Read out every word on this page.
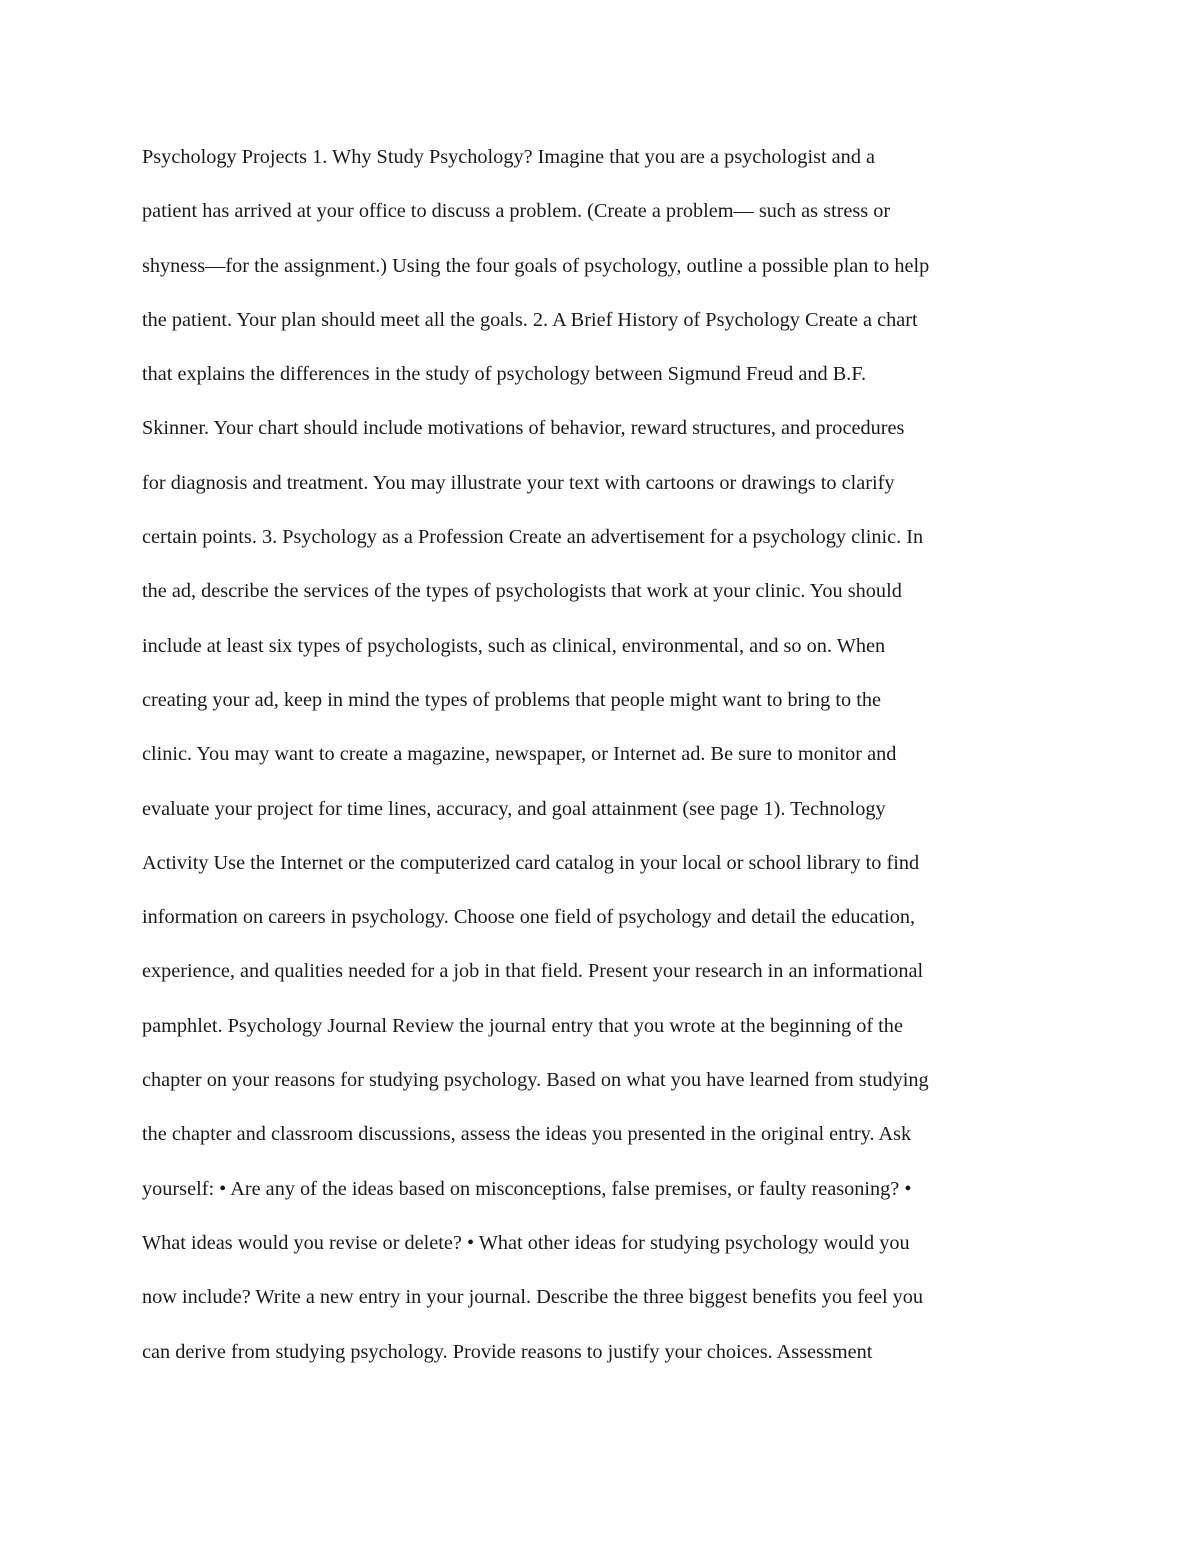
Psychology Projects 1. Why Study Psychology? Imagine that you are a psychologist and a
patient has arrived at your office to discuss a problem. (Create a problem— such as stress or
shyness—for the assignment.) Using the four goals of psychology, outline a possible plan to help
the patient. Your plan should meet all the goals. 2. A Brief History of Psychology Create a chart
that explains the differences in the study of psychology between Sigmund Freud and B.F.
Skinner. Your chart should include motivations of behavior, reward structures, and procedures
for diagnosis and treatment. You may illustrate your text with cartoons or drawings to clarify
certain points. 3. Psychology as a Profession Create an advertisement for a psychology clinic. In
the ad, describe the services of the types of psychologists that work at your clinic. You should
include at least six types of psychologists, such as clinical, environmental, and so on. When
creating your ad, keep in mind the types of problems that people might want to bring to the
clinic. You may want to create a magazine, newspaper, or Internet ad. Be sure to monitor and
evaluate your project for time lines, accuracy, and goal attainment (see page 1). Technology
Activity Use the Internet or the computerized card catalog in your local or school library to find
information on careers in psychology. Choose one field of psychology and detail the education,
experience, and qualities needed for a job in that field. Present your research in an informational
pamphlet. Psychology Journal Review the journal entry that you wrote at the beginning of the
chapter on your reasons for studying psychology. Based on what you have learned from studying
the chapter and classroom discussions, assess the ideas you presented in the original entry. Ask
yourself: • Are any of the ideas based on misconceptions, false premises, or faulty reasoning? •
What ideas would you revise or delete? • What other ideas for studying psychology would you
now include? Write a new entry in your journal. Describe the three biggest benefits you feel you
can derive from studying psychology. Provide reasons to justify your choices. Assessment
